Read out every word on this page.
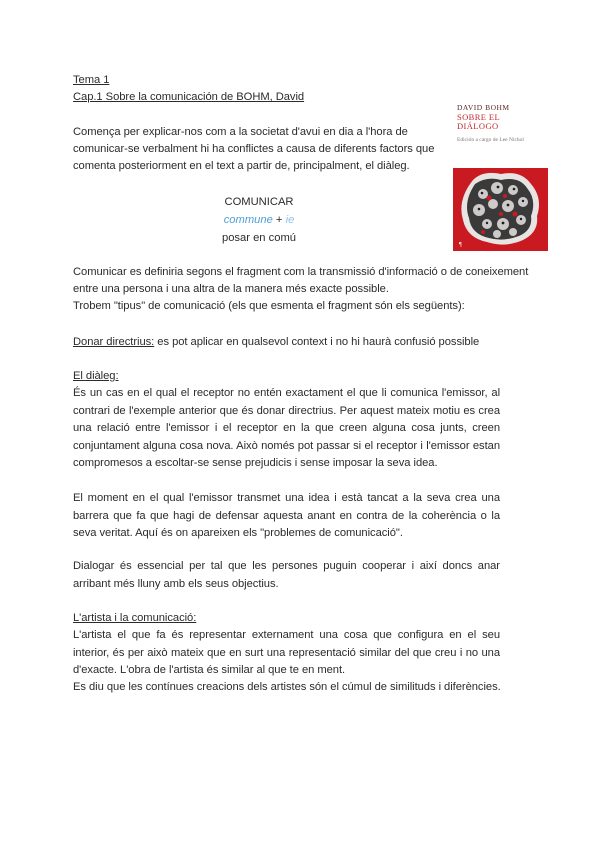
Tema 1
Cap.1 Sobre la comunicación de BOHM, David
Comença per explicar-nos com a la societat d'avui en dia a l'hora de
comunicar-se verbalment hi ha conflictes a causa de diferents factors que
comenta posteriorment en el text a partir de, principalment, el diàleg.
COMUNICAR
commune + ie
posar en comú
Comunicar es definiria segons el fragment com la transmissió d'informació o de coneixement
entre una persona i una altra de la manera més exacte possible.
Trobem "tipus" de comunicació (els que esmenta el fragment són els següents):
Donar directrius: es pot aplicar en qualsevol context i no hi haurà confusió possible
El diàleg:
És un cas en el qual el receptor no entén exactament el que li comunica l'emissor, al contrari de l'exemple anterior que és donar directrius. Per aquest mateix motiu es crea una relació entre l'emissor i el receptor en la que creen alguna cosa junts, creen conjuntament alguna cosa nova. Això només pot passar si el receptor i l'emissor estan compromesos a escoltar-se sense prejudicis i sense imposar la seva idea.
El moment en el qual l'emissor transmet una idea i està tancat a la seva crea una barrera que fa que hagi de defensar aquesta anant en contra de la coherència o la seva veritat. Aquí és on apareixen els "problemes de comunicació".
Dialogar és essencial per tal que les persones puguin cooperar i així doncs anar arribant més lluny amb els seus objectius.
L'artista i la comunicació:
L'artista el que fa és representar externament una cosa que configura en el seu interior, és per això mateix que en surt una representació similar del que creu i no una d'exacte. L'obra de l'artista és similar al que te en ment.
Es diu que les contínues creacions dels artistes són el cúmul de similituds i diferències.
DAVID BOHM
SOBRE EL
DIÁLOGO
Edición a cargo de Lee Nichol
¶
